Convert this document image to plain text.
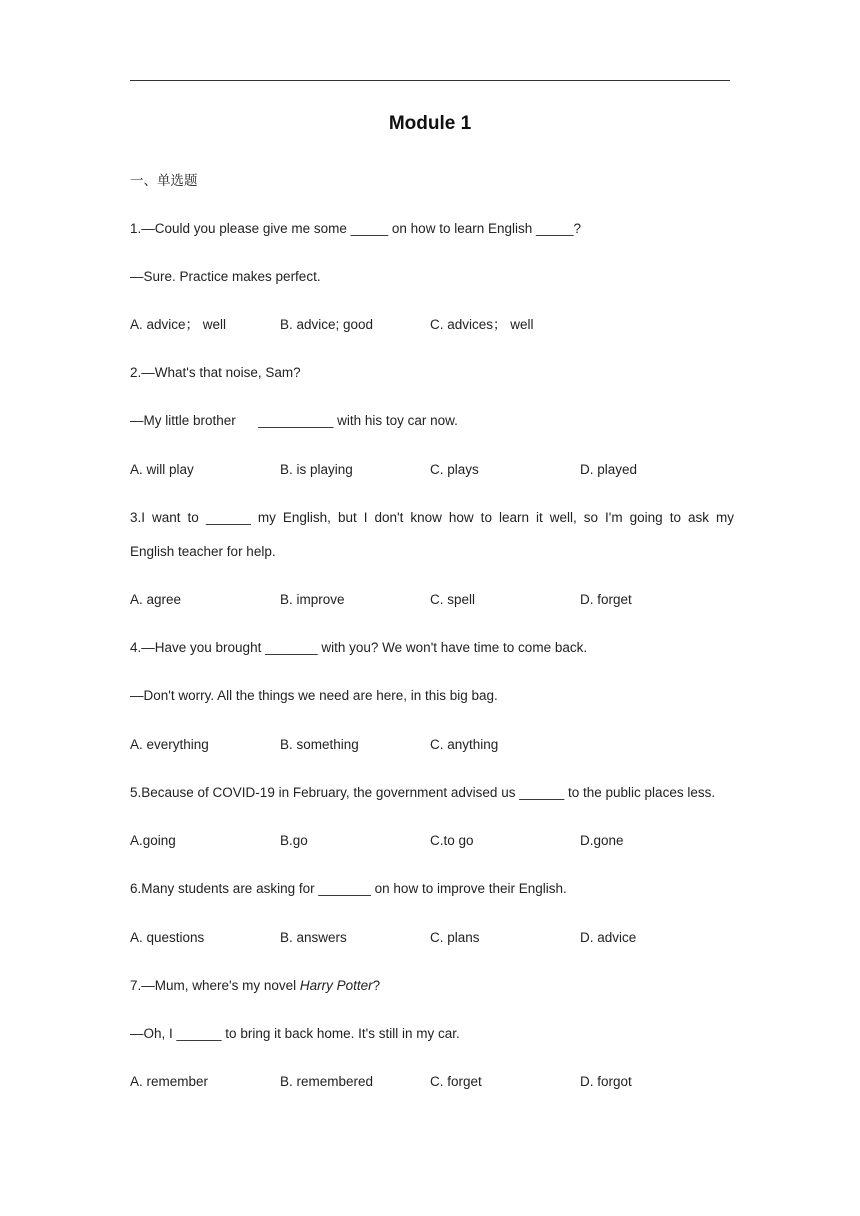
Module 1
一、单选题
1.—Could you please give me some _____ on how to learn English _____?
—Sure. Practice makes perfect.
A. advice； well	B. advice; good	C. advices； well
2.—What's that noise, Sam?
—My little brother      __________ with his toy car now.
A. will play	B. is playing	C. plays	D. played
3.I want to ______ my English, but I don't know how to learn it well, so I'm going to ask my
English teacher for help.
A. agree	B. improve	C. spell	D. forget
4.—Have you brought _______ with you? We won't have time to come back.
—Don't worry. All the things we need are here, in this big bag.
A. everything	B. something	C. anything
5.Because of COVID-19 in February, the government advised us ______ to the public places less.
A.going	B.go	C.to go	D.gone
6.Many students are asking for _______ on how to improve their English.
A. questions	B. answers	C. plans	D. advice
7.—Mum, where's my novel Harry Potter?
—Oh, I ______ to bring it back home. It's still in my car.
A. remember	B. remembered	C. forget	D. forgot
